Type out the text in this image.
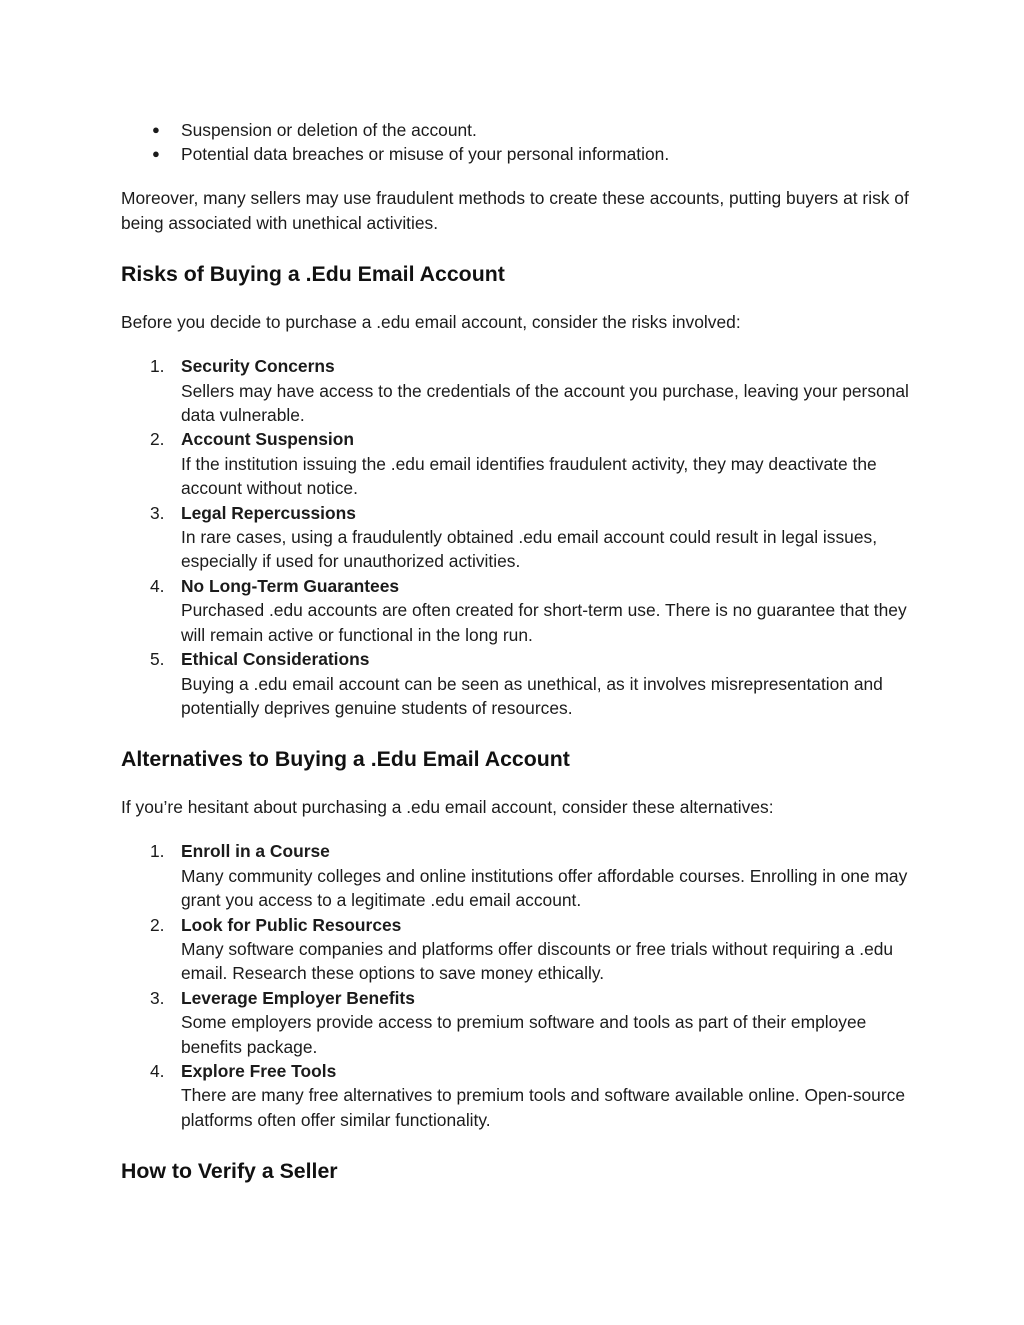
● Suspension or deletion of the account.
● Potential data breaches or misuse of your personal information.

Moreover, many sellers may use fraudulent methods to create these accounts, putting buyers at risk of being associated with unethical activities.

Risks of Buying a .Edu Email Account

Before you decide to purchase a .edu email account, consider the risks involved:

1. Security Concerns
Sellers may have access to the credentials of the account you purchase, leaving your personal data vulnerable.
2. Account Suspension
If the institution issuing the .edu email identifies fraudulent activity, they may deactivate the account without notice.
3. Legal Repercussions
In rare cases, using a fraudulently obtained .edu email account could result in legal issues, especially if used for unauthorized activities.
4. No Long-Term Guarantees
Purchased .edu accounts are often created for short-term use. There is no guarantee that they will remain active or functional in the long run.
5. Ethical Considerations
Buying a .edu email account can be seen as unethical, as it involves misrepresentation and potentially deprives genuine students of resources.
Alternatives to Buying a .Edu Email Account

If you’re hesitant about purchasing a .edu email account, consider these alternatives:

1. Enroll in a Course
Many community colleges and online institutions offer affordable courses. Enrolling in one may grant you access to a legitimate .edu email account.
2. Look for Public Resources
Many software companies and platforms offer discounts or free trials without requiring a .edu email. Research these options to save money ethically.
3. Leverage Employer Benefits
Some employers provide access to premium software and tools as part of their employee benefits package.
4. Explore Free Tools
There are many free alternatives to premium tools and software available online. Open-source platforms often offer similar functionality.
How to Verify a Seller
